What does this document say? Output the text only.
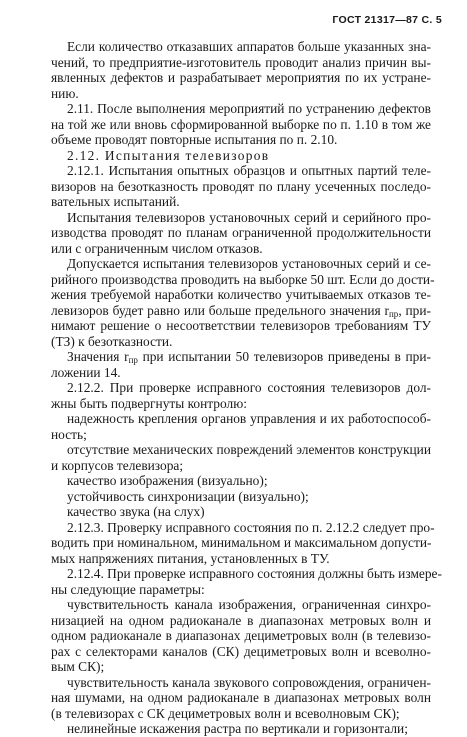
ГОСТ 21317—87 С. 5
Если количество отказавших аппаратов больше указанных зна-
чений, то предприятие-изготовитель проводит анализ причин вы-
явленных дефектов и разрабатывает мероприятия по их устране-
нию.
2.11. После выполнения мероприятий по устранению дефектов
на той же или вновь сформированной выборке по п. 1.10 в том же
объеме проводят повторные испытания по п. 2.10.
2.12. Испытания телевизоров
2.12.1. Испытания опытных образцов и опытных партий теле-
визоров на безотказность проводят по плану усеченных последо-
вательных испытаний.
Испытания телевизоров установочных серий и серийного про-
изводства проводят по планам ограниченной продолжительности
или с ограниченным числом отказов.
Допускается испытания телевизоров установочных серий и се-
рийного производства проводить на выборке 50 шт. Если до дости-
жения требуемой наработки количество учитываемых отказов те-
левизоров будет равно или больше предельного значения $r_{пр}$, при-
нимают решение о несоответствии телевизоров требованиям ТУ
(ТЗ) к безотказности.
Значения $r_{пр}$ при испытании 50 телевизоров приведены в при-
ложении 14.
2.12.2. При проверке исправного состояния телевизоров дол-
жны быть подвергнуты контролю:
надежность крепления органов управления и их работоспособ-
ность;
отсутствие механических повреждений элементов конструкции
и корпусов телевизора;
качество изображения (визуально);
устойчивость синхронизации (визуально);
качество звука (на слух)
2.12.3. Проверку исправного состояния по п. 2.12.2 следует про-
водить при номинальном, минимальном и максимальном допусти-
мых напряжениях питания, установленных в ТУ.
2.12.4. При проверке исправного состояния должны быть измере-
ны следующие параметры:
чувствительность канала изображения, ограниченная синхро-
низацией на одном радиоканале в диапазонах метровых волн и
одном радиоканале в диапазонах дециметровых волн (в телевизо-
рах с селекторами каналов (СК) дециметровых волн и всеволно-
вым СК);
чувствительность канала звукового сопровождения, ограничен-
ная шумами, на одном радиоканале в диапазонах метровых волн
(в телевизорах с СК дециметровых волн и всеволновым СК);
нелинейные искажения растра по вертикали и горизонтали;
